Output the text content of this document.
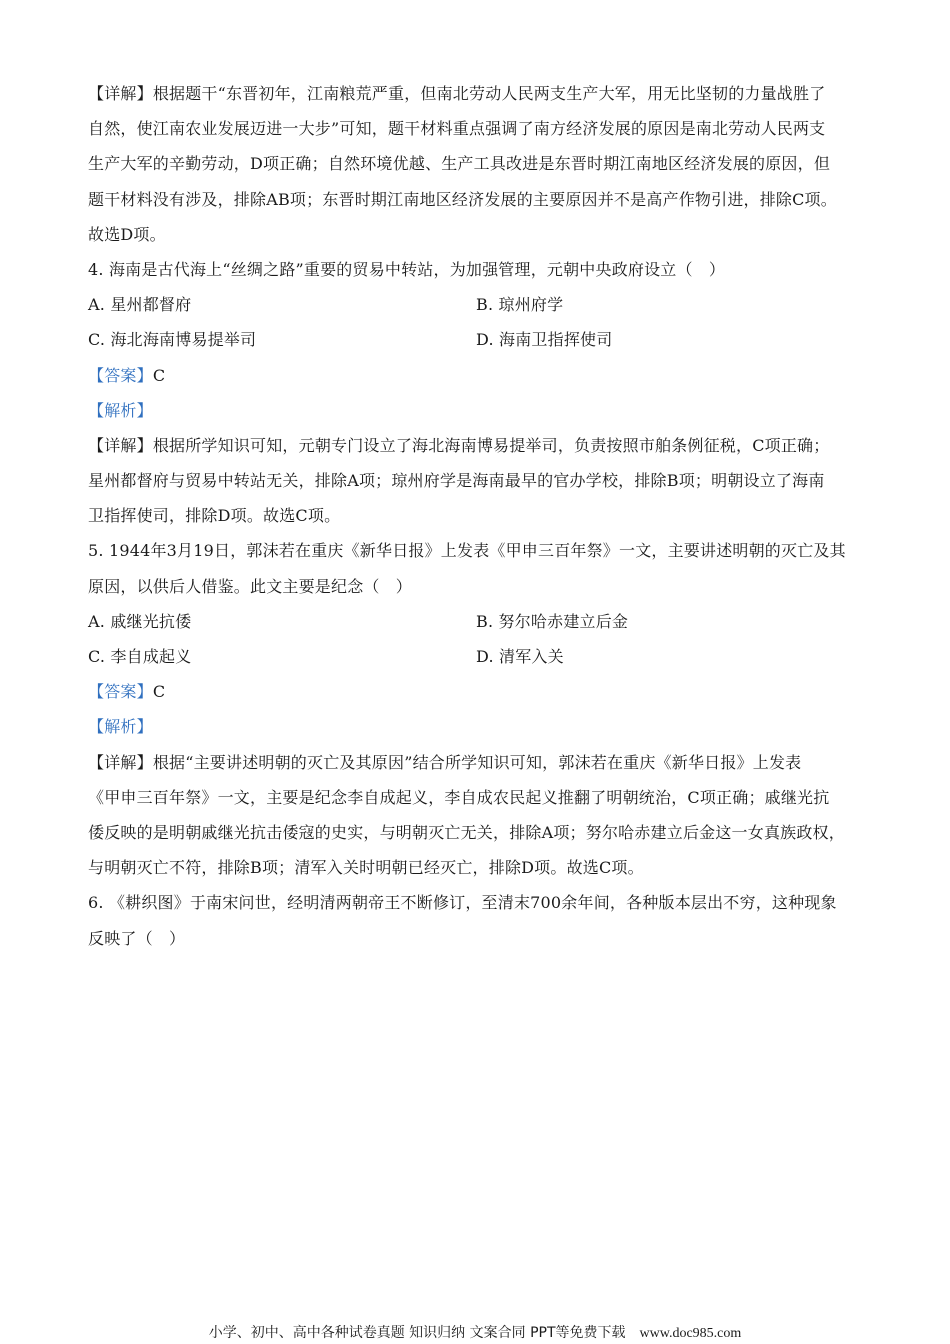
【详解】根据题干“东晋初年，江南粮荒严重，但南北劳动人民两支生产大军，用无比坚韧的力量战胜了
自然，使江南农业发展迈进一大步”可知，题干材料重点强调了南方经济发展的原因是南北劳动人民两支
生产大军的辛勤劳动，D项正确；自然环境优越、生产工具改进是东晋时期江南地区经济发展的原因，但
题干材料没有涉及，排除AB项；东晋时期江南地区经济发展的主要原因并不是高产作物引进，排除C项。
故选D项。
4. 海南是古代海上“丝绸之路”重要的贸易中转站，为加强管理，元朝中央政府设立（　）
A. 星州都督府	B. 琼州府学
C. 海北海南博易提举司	D. 海南卫指挥使司
【答案】C
【解析】
【详解】根据所学知识可知，元朝专门设立了海北海南博易提举司，负责按照市舶条例征税，C项正确；
星州都督府与贸易中转站无关，排除A项；琼州府学是海南最早的官办学校，排除B项；明朝设立了海南
卫指挥使司，排除D项。故选C项。
5. 1944年3月19日，郭沫若在重庆《新华日报》上发表《甲申三百年祭》一文，主要讲述明朝的灭亡及其
原因，以供后人借鉴。此文主要是纪念（　）
A. 戚继光抗倭	B. 努尔哈赤建立后金
C. 李自成起义	D. 清军入关
【答案】C
【解析】
【详解】根据“主要讲述明朝的灭亡及其原因”结合所学知识可知，郭沫若在重庆《新华日报》上发表
《甲申三百年祭》一文，主要是纪念李自成起义，李自成农民起义推翻了明朝统治，C项正确；戚继光抗
倭反映的是明朝戚继光抗击倭寇的史实，与明朝灭亡无关，排除A项；努尔哈赤建立后金这一女真族政权，
与明朝灭亡不符，排除B项；清军入关时明朝已经灭亡，排除D项。故选C项。
6. 《耕织图》于南宋问世，经明清两朝帝王不断修订，至清末700余年间，各种版本层出不穷，这种现象
反映了（　）
小学、初中、高中各种试卷真题 知识归纳 文案合同 PPT等免费下载 www.doc985.com
